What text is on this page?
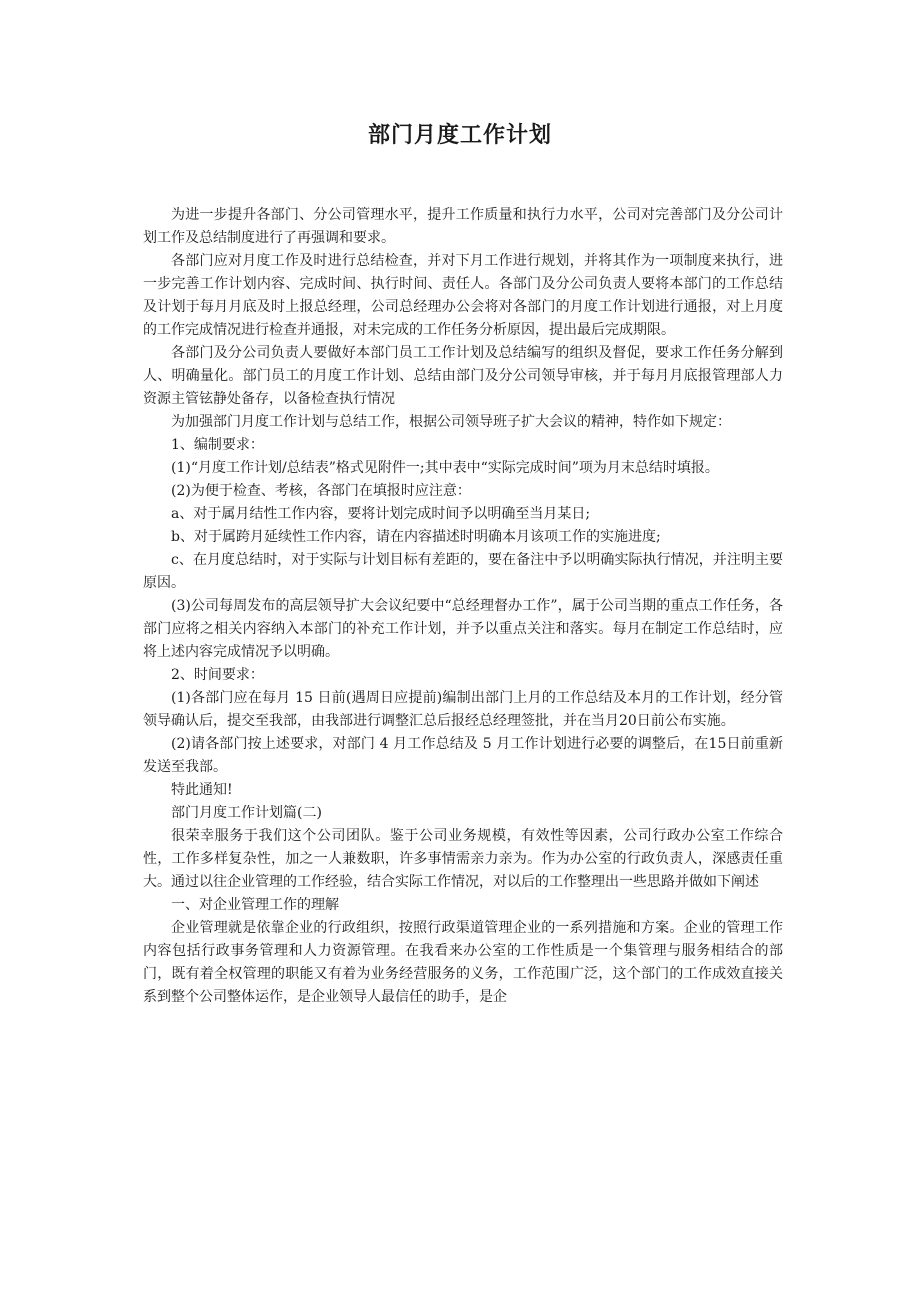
部门月度工作计划

为进一步提升各部门、分公司管理水平，提升工作质量和执行力水平，公司对完善部门及分公司计划工作及总结制度进行了再强调和要求。

各部门应对月度工作及时进行总结检查，并对下月工作进行规划，并将其作为一项制度来执行，进一步完善工作计划内容、完成时间、执行时间、责任人。各部门及分公司负责人要将本部门的工作总结及计划于每月月底及时上报总经理，公司总经理办公会将对各部门的月度工作计划进行通报，对上月度的工作完成情况进行检查并通报，对未完成的工作任务分析原因，提出最后完成期限。

各部门及分公司负责人要做好本部门员工工作计划及总结编写的组织及督促，要求工作任务分解到人、明确量化。部门员工的月度工作计划、总结由部门及分公司领导审核，并于每月月底报管理部人力资源主管铉静处备存，以备检查执行情况

为加强部门月度工作计划与总结工作，根据公司领导班子扩大会议的精神，特作如下规定：

1、编制要求：

(1)“月度工作计划/总结表”格式见附件一;其中表中“实际完成时间”项为月末总结时填报。

(2)为便于检查、考核，各部门在填报时应注意：

a、对于属月结性工作内容，要将计划完成时间予以明确至当月某日;

b、对于属跨月延续性工作内容，请在内容描述时明确本月该项工作的实施进度;

c、在月度总结时，对于实际与计划目标有差距的，要在备注中予以明确实际执行情况，并注明主要原因。

(3)公司每周发布的高层领导扩大会议纪要中“总经理督办工作”，属于公司当期的重点工作任务，各部门应将之相关内容纳入本部门的补充工作计划，并予以重点关注和落实。每月在制定工作总结时，应将上述内容完成情况予以明确。

2、时间要求：

(1)各部门应在每月 15 日前(遇周日应提前)编制出部门上月的工作总结及本月的工作计划，经分管领导确认后，提交至我部，由我部进行调整汇总后报经总经理签批，并在当月20日前公布实施。

(2)请各部门按上述要求，对部门 4 月工作总结及 5 月工作计划进行必要的调整后，在15日前重新发送至我部。

特此通知!

部门月度工作计划篇(二)

很荣幸服务于我们这个公司团队。鉴于公司业务规模，有效性等因素，公司行政办公室工作综合性，工作多样复杂性，加之一人兼数职，许多事情需亲力亲为。作为办公室的行政负责人，深感责任重大。通过以往企业管理的工作经验，结合实际工作情况，对以后的工作整理出一些思路并做如下阐述

一、对企业管理工作的理解

企业管理就是依靠企业的行政组织，按照行政渠道管理企业的一系列措施和方案。企业的管理工作内容包括行政事务管理和人力资源管理。在我看来办公室的工作性质是一个集管理与服务相结合的部门，既有着全权管理的职能又有着为业务经营服务的义务，工作范围广泛，这个部门的工作成效直接关系到整个公司整体运作，是企业领导人最信任的助手，是企
